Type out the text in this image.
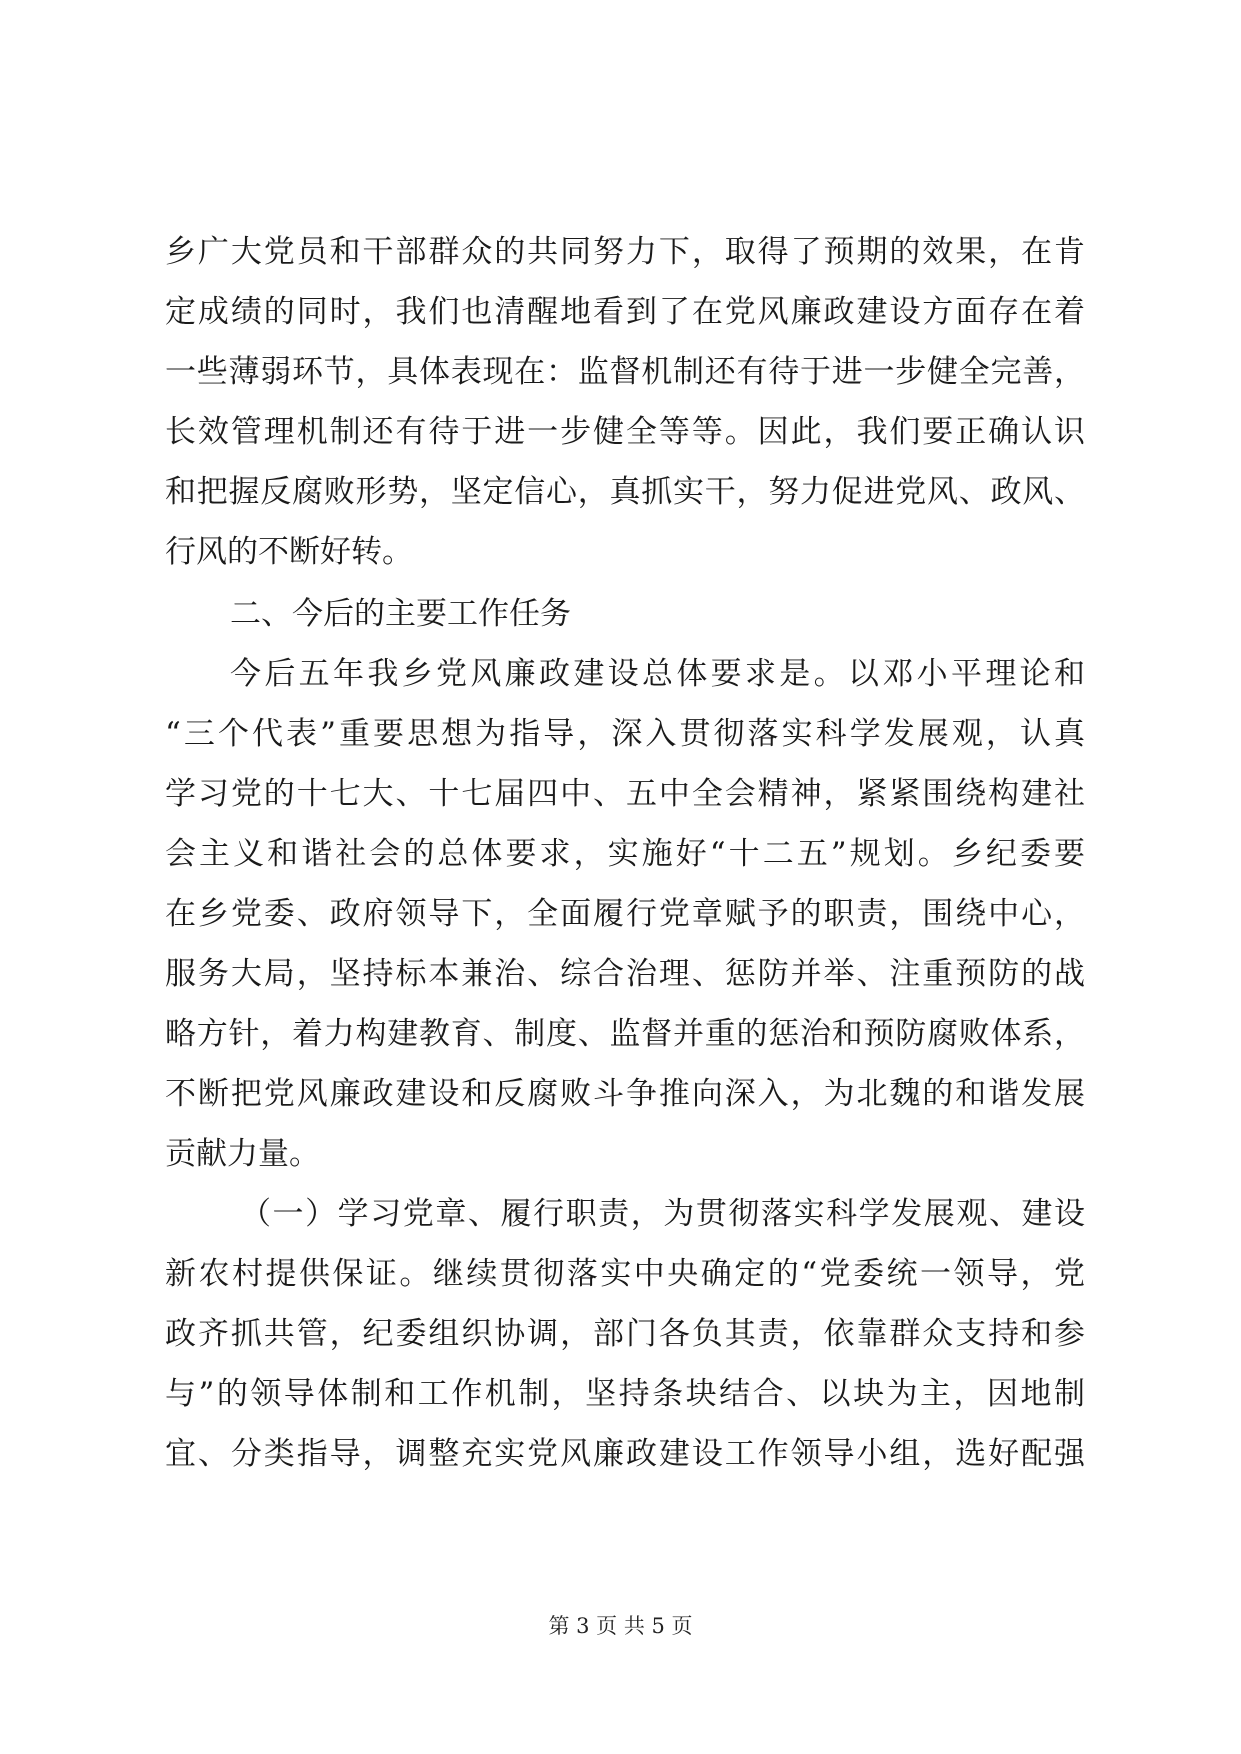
乡广大党员和干部群众的共同努力下，取得了预期的效果，在肯
定成绩的同时，我们也清醒地看到了在党风廉政建设方面存在着
一些薄弱环节，具体表现在：监督机制还有待于进一步健全完善，
长效管理机制还有待于进一步健全等等。因此，我们要正确认识
和把握反腐败形势，坚定信心，真抓实干，努力促进党风、政风、
行风的不断好转。
二、今后的主要工作任务
今后五年我乡党风廉政建设总体要求是。以邓小平理论和
“三个代表”重要思想为指导，深入贯彻落实科学发展观，认真
学习党的十七大、十七届四中、五中全会精神，紧紧围绕构建社
会主义和谐社会的总体要求，实施好“十二五”规划。乡纪委要
在乡党委、政府领导下，全面履行党章赋予的职责，围绕中心，
服务大局，坚持标本兼治、综合治理、惩防并举、注重预防的战
略方针，着力构建教育、制度、监督并重的惩治和预防腐败体系，
不断把党风廉政建设和反腐败斗争推向深入，为北魏的和谐发展
贡献力量。
（一）学习党章、履行职责，为贯彻落实科学发展观、建设
新农村提供保证。继续贯彻落实中央确定的“党委统一领导，党
政齐抓共管，纪委组织协调，部门各负其责，依靠群众支持和参
与”的领导体制和工作机制，坚持条块结合、以块为主，因地制
宜、分类指导，调整充实党风廉政建设工作领导小组，选好配强
第 3 页 共 5 页
